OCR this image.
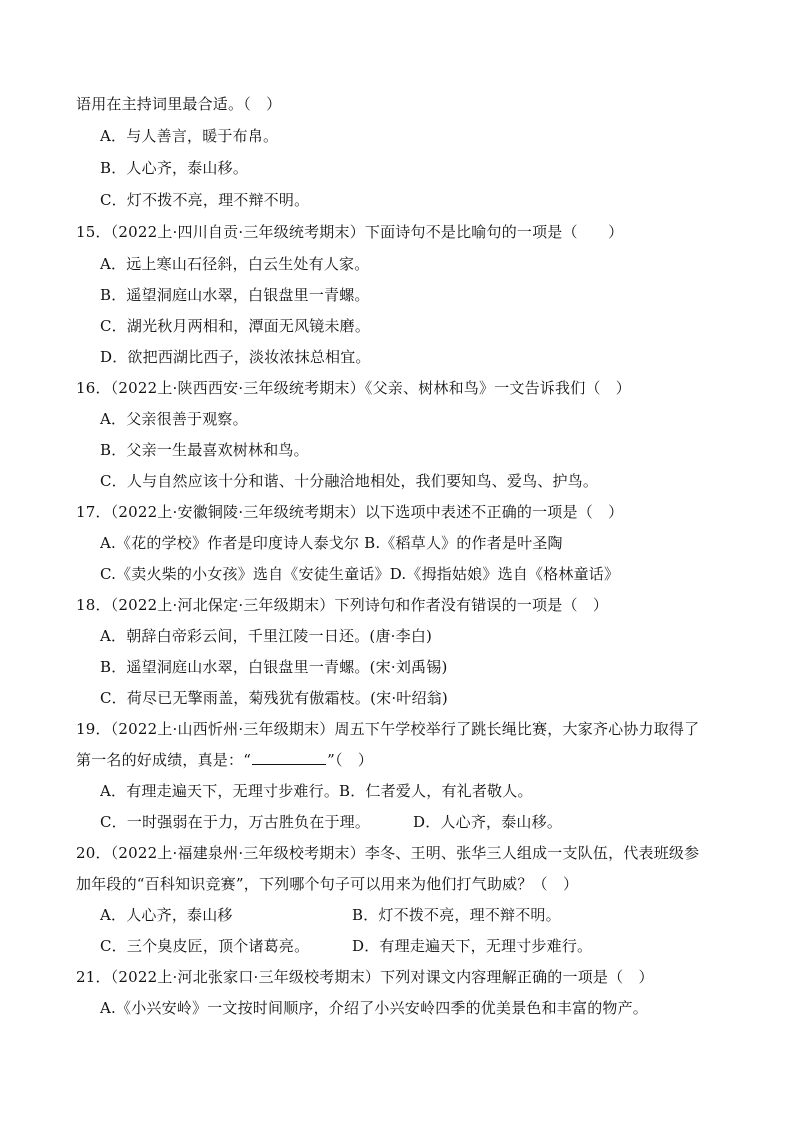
语用在主持词里最合适。（　）
A．与人善言，暖于布帛。
B．人心齐，泰山移。
C．灯不拨不亮，理不辩不明。
15．（2022上·四川自贡·三年级统考期末）下面诗句不是比喻句的一项是（　　）
A．远上寒山石径斜，白云生处有人家。
B．遥望洞庭山水翠，白银盘里一青螺。
C．湖光秋月两相和，潭面无风镜未磨。
D．欲把西湖比西子，淡妆浓抹总相宜。
16．（2022上·陕西西安·三年级统考期末）《父亲、树林和鸟》一文告诉我们（　）
A．父亲很善于观察。
B．父亲一生最喜欢树林和鸟。
C．人与自然应该十分和谐、十分融洽地相处，我们要知鸟、爱鸟、护鸟。
17．（2022上·安徽铜陵·三年级统考期末）以下选项中表述不正确的一项是（　）
A.《花的学校》作者是印度诗人泰戈尔 B.《稻草人》的作者是叶圣陶
C.《卖火柴的小女孩》选自《安徒生童话》D.《拇指姑娘》选自《格林童话》
18．（2022上·河北保定·三年级期末）下列诗句和作者没有错误的一项是（　）
A．朝辞白帝彩云间，千里江陵一日还。(唐·李白)
B．遥望洞庭山水翠，白银盘里一青螺。(宋·刘禹锡)
C．荷尽已无擎雨盖，菊残犹有傲霜枝。(宋·叶绍翁)
19．（2022上·山西忻州·三年级期末）周五下午学校举行了跳长绳比赛，大家齐心协力取得了
第一名的好成绩，真是：“	”（　）
A．有理走遍天下，无理寸步难行。B．仁者爱人，有礼者敬人。
C．一时强弱在于力，万古胜负在于理。	D．人心齐，泰山移。
20．（2022上·福建泉州·三年级校考期末）李冬、王明、张华三人组成一支队伍，代表班级参
加年段的“百科知识竞赛”，下列哪个句子可以用来为他们打气助威？（　）
A．人心齐，泰山移	B．灯不拨不亮，理不辩不明。
C．三个臭皮匠，顶个诸葛亮。	D．有理走遍天下，无理寸步难行。
21．（2022上·河北张家口·三年级校考期末）下列对课文内容理解正确的一项是（　）
A.《小兴安岭》一文按时间顺序，介绍了小兴安岭四季的优美景色和丰富的物产。
